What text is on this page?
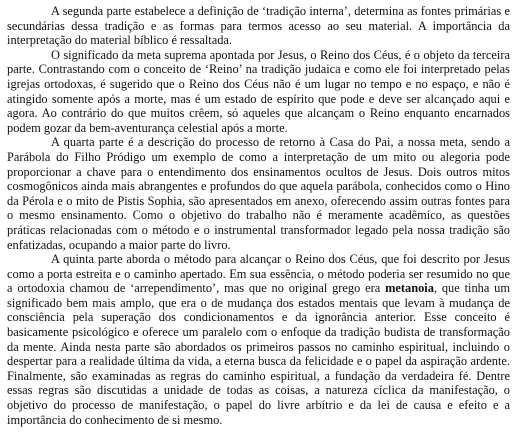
A segunda parte estabelece a definição de ‘tradição interna’, determina as fontes primárias e secundárias dessa tradição e as formas para termos acesso ao seu material. A importância da interpretação do material bíblico é ressaltada.

O significado da meta suprema apontada por Jesus, o Reino dos Céus, é o objeto da terceira parte. Contrastando com o conceito de ‘Reino’ na tradição judaica e como ele foi interpretado pelas igrejas ortodoxas, é sugerido que o Reino dos Céus não é um lugar no tempo e no espaço, e não é atingido somente após a morte, mas é um estado de espírito que pode e deve ser alcançado aqui e agora. Ao contrário do que muitos crêem, só aqueles que alcançam o Reino enquanto encarnados podem gozar da bem-aventurança celestial após a morte.

A quarta parte é a descrição do processo de retorno à Casa do Pai, a nossa meta, sendo a Parábola do Filho Pródigo um exemplo de como a interpretação de um mito ou alegoria pode proporcionar a chave para o entendimento dos ensinamentos ocultos de Jesus. Dois outros mitos cosmogônicos ainda mais abrangentes e profundos do que aquela parábola, conhecidos como o Hino da Pérola e o mito de Pistis Sophia, são apresentados em anexo, oferecendo assim outras fontes para o mesmo ensinamento. Como o objetivo do trabalho não é meramente acadêmico, as questões práticas relacionadas com o método e o instrumental transformador legado pela nossa tradição são enfatizadas, ocupando a maior parte do livro.

A quinta parte aborda o método para alcançar o Reino dos Céus, que foi descrito por Jesus como a porta estreita e o caminho apertado. Em sua essência, o método poderia ser resumido no que a ortodoxia chamou de ‘arrependimento’, mas que no original grego era metanoia, que tinha um significado bem mais amplo, que era o de mudança dos estados mentais que levam à mudança de consciência pela superação dos condicionamentos e da ignorância anterior. Esse conceito é basicamente psicológico e oferece um paralelo com o enfoque da tradição budista de transformação da mente. Ainda nesta parte são abordados os primeiros passos no caminho espiritual, incluindo o despertar para a realidade última da vida, a eterna busca da felicidade e o papel da aspiração ardente. Finalmente, são examinadas as regras do caminho espiritual, a fundação da verdadeira fé. Dentre essas regras são discutidas a unidade de todas as coisas, a natureza cíclica da manifestação, o objetivo do processo de manifestação, o papel do livre arbítrio e da lei de causa e efeito e a importância do conhecimento de si mesmo.
